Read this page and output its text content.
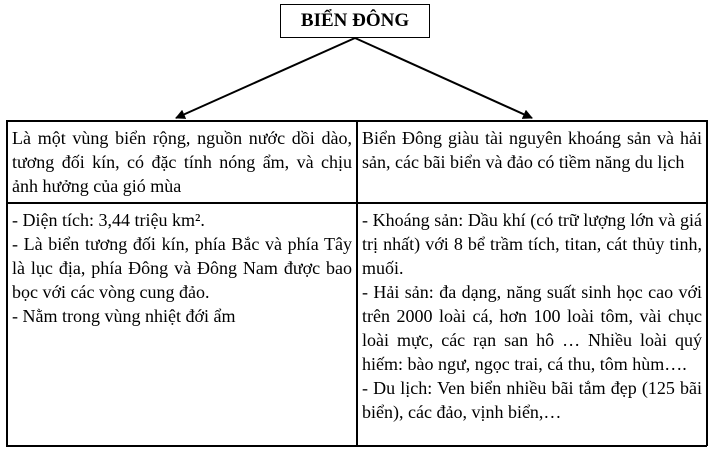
BIỂN ĐÔNG
Là một vùng biển rộng, nguồn nước dồi dào, tương đối kín, có đặc tính nóng ẩm, và chịu ảnh hưởng của gió mùa
Biển Đông giàu tài nguyên khoáng sản và hải sản, các bãi biển và đảo có tiềm năng du lịch
- Diện tích: 3,44 triệu km².
- Là biển tương đối kín, phía Bắc và phía Tây là lục địa, phía Đông và Đông Nam được bao bọc với các vòng cung đảo.
- Nằm trong vùng nhiệt đới ẩm
- Khoáng sản: Dầu khí (có trữ lượng lớn và giá trị nhất) với 8 bể trầm tích, titan, cát thủy tinh, muối.
- Hải sản: đa dạng, năng suất sinh học cao với trên 2000 loài cá, hơn 100 loài tôm, vài chục loài mực, các rạn san hô … Nhiều loài quý hiếm: bào ngư, ngọc trai, cá thu, tôm hùm….
- Du lịch: Ven biển nhiều bãi tắm đẹp (125 bãi biển), các đảo, vịnh biển,…
